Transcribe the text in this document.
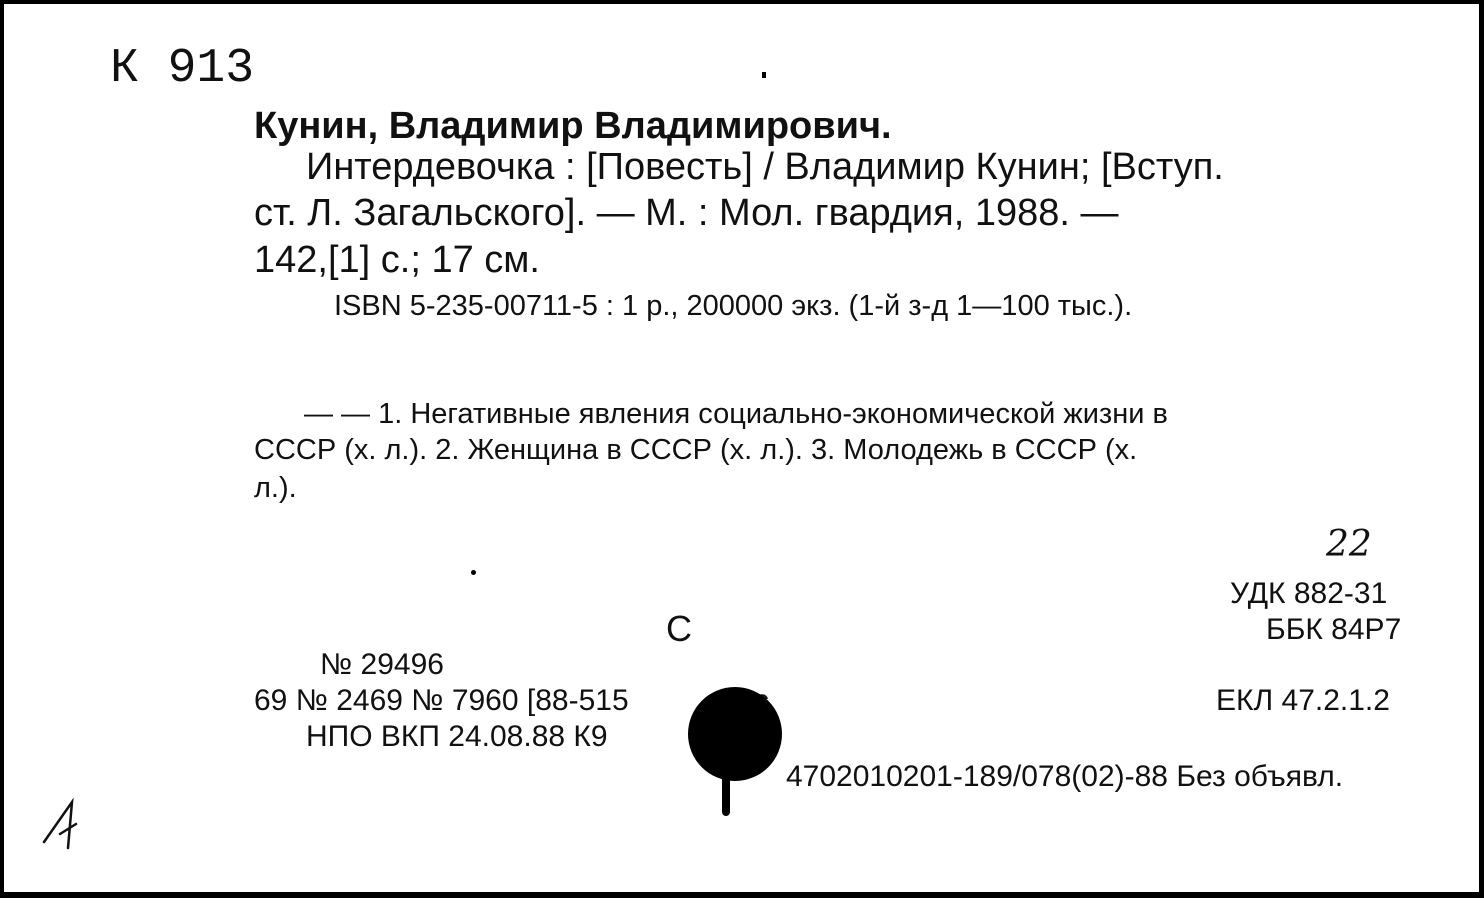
К 913
Кунин, Владимир Владимирович.
Интердевочка : [Повесть] / Владимир Кунин; [Вступ.
ст. Л. Загальского]. — М. : Мол. гвардия, 1988. —
142,[1] с.; 17 см.
ISBN 5-235-00711-5 : 1 р., 200000 экз. (1-й з-д 1—100 тыс.).
— — 1. Негативные явления социально-экономической жизни в
СССР (х. л.). 2. Женщина в СССР (х. л.). 3. Молодежь в СССР (х.
л.).
22
УДК 882-31
ББК 84Р7
С
№ 29496
69 № 2469 № 7960 [88-515
НПО ВКП 24.08.88 К9
ЕКЛ 47.2.1.2
4702010201-189/078(02)-88 Без объявл.
